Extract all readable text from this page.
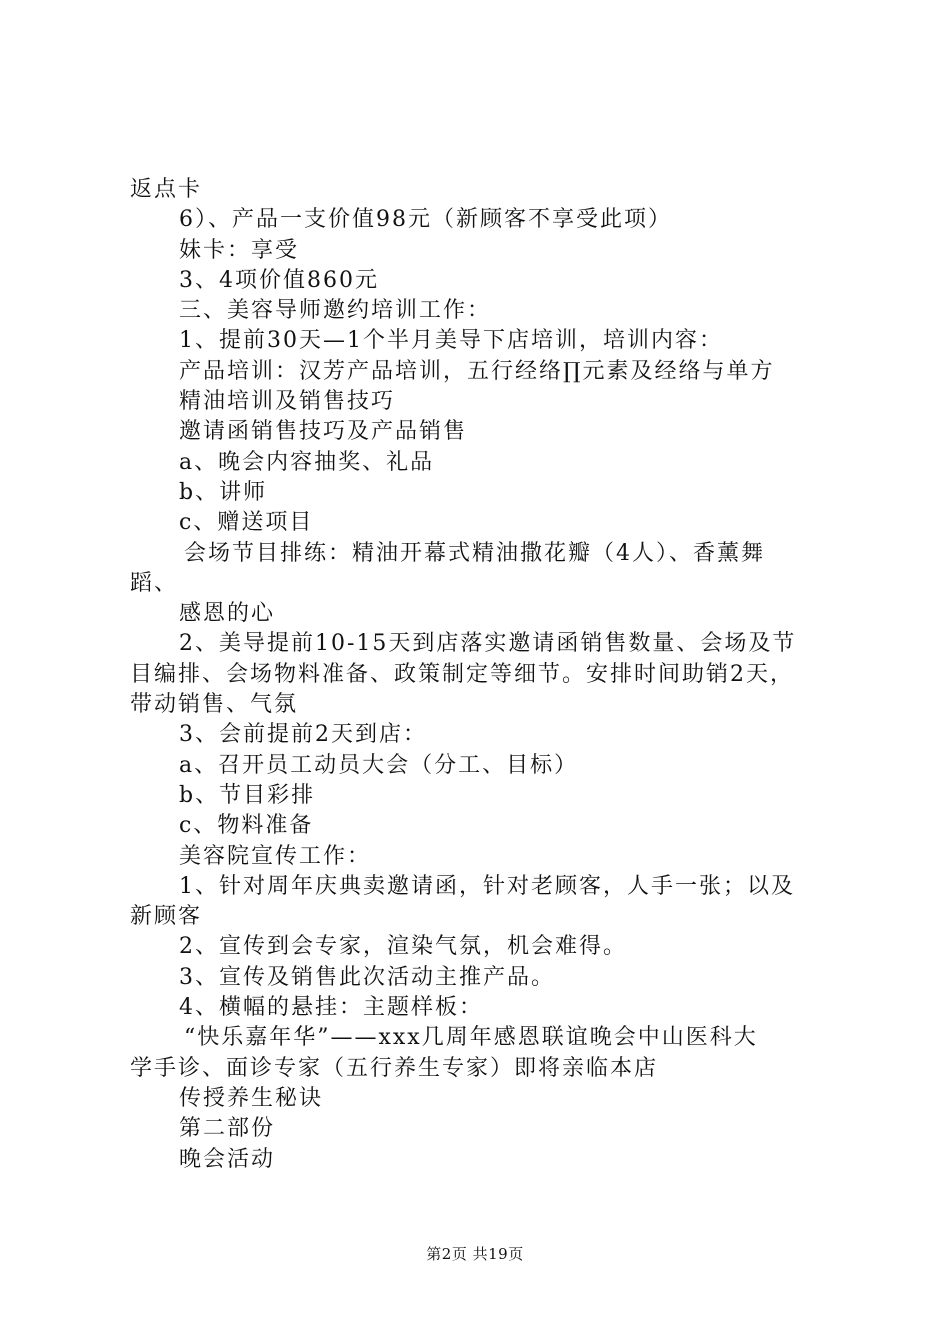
返点卡
6）、产品一支价值98元（新顾客不享受此项）
妹卡：享受
3、4项价值860元
三、美容导师邀约培训工作：
1、提前30天—1个半月美导下店培训，培训内容：
产品培训：汉芳产品培训，五行经络∏元素及经络与单方
精油培训及销售技巧
邀请函销售技巧及产品销售
a、晚会内容抽奖、礼品
b、讲师
c、赠送项目
会场节目排练：精油开幕式精油撒花瓣（4人）、香薰舞
蹈、
感恩的心
2、美导提前10-15天到店落实邀请函销售数量、会场及节
目编排、会场物料准备、政策制定等细节。安排时间助销2天，
带动销售、气氛
3、会前提前2天到店：
a、召开员工动员大会（分工、目标）
b、节目彩排
c、物料准备
美容院宣传工作：
1、针对周年庆典卖邀请函，针对老顾客，人手一张；以及
新顾客
2、宣传到会专家，渲染气氛，机会难得。
3、宣传及销售此次活动主推产品。
4、横幅的悬挂：主题样板：
“快乐嘉年华”——xxx几周年感恩联谊晚会中山医科大
学手诊、面诊专家（五行养生专家）即将亲临本店
传授养生秘诀
第二部份
晚会活动
第2页 共19页
